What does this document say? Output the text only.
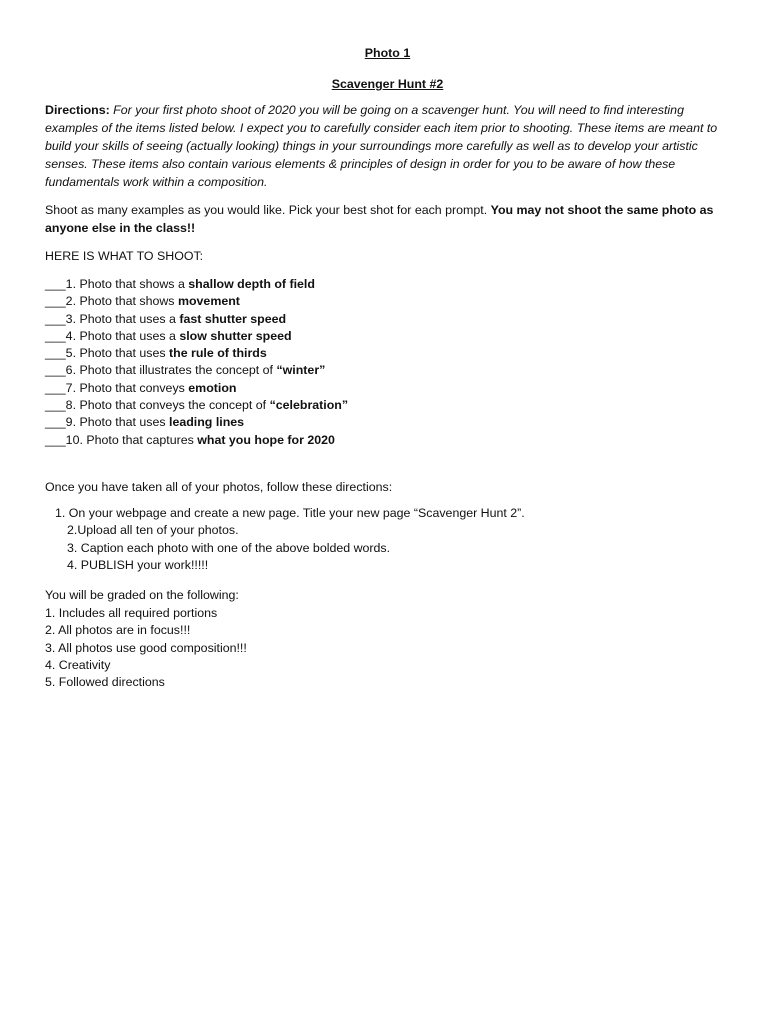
Photo 1

Scavenger Hunt #2

Directions: For your first photo shoot of 2020 you will be going on a scavenger hunt. You will need to find interesting examples of the items listed below. I expect you to carefully consider each item prior to shooting. These items are meant to build your skills of seeing (actually looking) things in your surroundings more carefully as well as to develop your artistic senses. These items also contain various elements & principles of design in order for you to be aware of how these fundamentals work within a composition.

Shoot as many examples as you would like. Pick your best shot for each prompt. You may not shoot the same photo as anyone else in the class!!

HERE IS WHAT TO SHOOT:

___1. Photo that shows a shallow depth of field
___2. Photo that shows movement
___3. Photo that uses a fast shutter speed
___4. Photo that uses a slow shutter speed
___5. Photo that uses the rule of thirds
___6. Photo that illustrates the concept of “winter”
___7. Photo that conveys emotion
___8. Photo that conveys the concept of “celebration”
___9. Photo that uses leading lines
___10. Photo that captures what you hope for 2020

Once you have taken all of your photos, follow these directions:

1. On your webpage and create a new page. Title your new page “Scavenger Hunt 2”.
2.Upload all ten of your photos.
3. Caption each photo with one of the above bolded words.
4. PUBLISH your work!!!!!

You will be graded on the following:

1. Includes all required portions
2. All photos are in focus!!!
3. All photos use good composition!!!
4. Creativity
5. Followed directions
